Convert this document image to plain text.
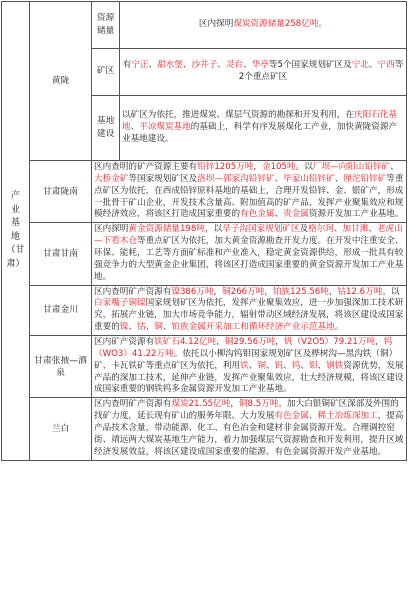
产
业
基
地
（甘肃）	黄陇	资源储量	区内探明煤炭资源储量258亿吨。
		矿区	有宁正、甜水堡、沙井子、灵台、华亭等5个国家规划矿区及宁北、宁西等2个重点矿区
		基地建设	以矿区为依托，推进煤炭、煤层气资源的勘探和开发利用，在庆阳石化基地、平凉煤炭基地的基础上，科学有序发展煤化工产业，加快黄陇资源产业基地建设。
	甘肃陇南	区内查明的矿产资源主要有铅锌1205万吨，金105吨。以厂坝—向阳山铅锌矿、大桥金矿等国家规划矿区及洛坝—郭家沟铅锌矿、毕家山铅锌矿、厘沱铅锌矿等重点矿区为依托，在西成铅锌原料基地的基础上，合理开发铅锌、金、银矿产，形成一批骨干矿山企业，开发技术含量高、附加值高的矿产品，发挥产业聚集效应和规模经济效应，将该区打造成国家重要的有色金属、贵金属资源开发加工产业基地。	
	甘肃甘南	区内探明黄金资源储量198吨，以早子沟国家规划矿区及格尔珂、加甘滩、老虎山—下看木仓等重点矿区为依托，加大黄金资源勘查开发力度。在开发中注重安全、环保、能耗，工艺等方面矿标准和产业准入，稳定黄金资源供给，形成一批具有较强竞争力的大型黄金企业集团，将该区打造成国家重要的黄金资源开发加工产业基地。	
	甘肃金川	区内查明矿产资源有镍386万吨，铜266万吨，铂族125.56吨，钴12.6万吨。以白家嘴子铜镍国家规划矿区为依托，发挥产业聚集效应，进一步加强深加工技术研究，拓展产业链，加大市场竞争能力，辐射带动区域经济发展，将该区建设成国家重要的镍、钴、铜、铂族金属开采加工和循环经济产业示范基地。	
	甘肃张掖—酒泉	区内矿产资源有铁矿石4.12亿吨，铜29.56万吨，钒（V2O5）79.21万吨，钨（WO3）41.22万吨。依托以小柳沟钨钼国家规划矿区及桦树沟—黑沟铁（铜）矿、卡瓦铁矿等重点矿区为依托，利用铁、铜、钒、钨、钼、钢铁资源优势，发展产品的深加工技术，延伸产业链，发挥产业聚集效应，壮大经济规模，将该区建设成国家重要的钢铁钨多金属资源开发加工产业基地。	
	兰白	区内查明矿产资源有煤炭21.55亿吨，铜8.5万吨。加大白银铜矿区深部及外围的找矿力度，延长现有矿山的服务年限。大力发展有色金属、稀土冶炼深加工，提高产品技术含量，带动能源、化工、有色冶金和建材非金属资源开发。合理调控窑街、靖远两大煤炭基地生产能力，着力加强煤层气资源勘查和开发利用，提升区域经济发展效益，将该区建设成国家重要的能源、有色金属资源开发产业基地。	
